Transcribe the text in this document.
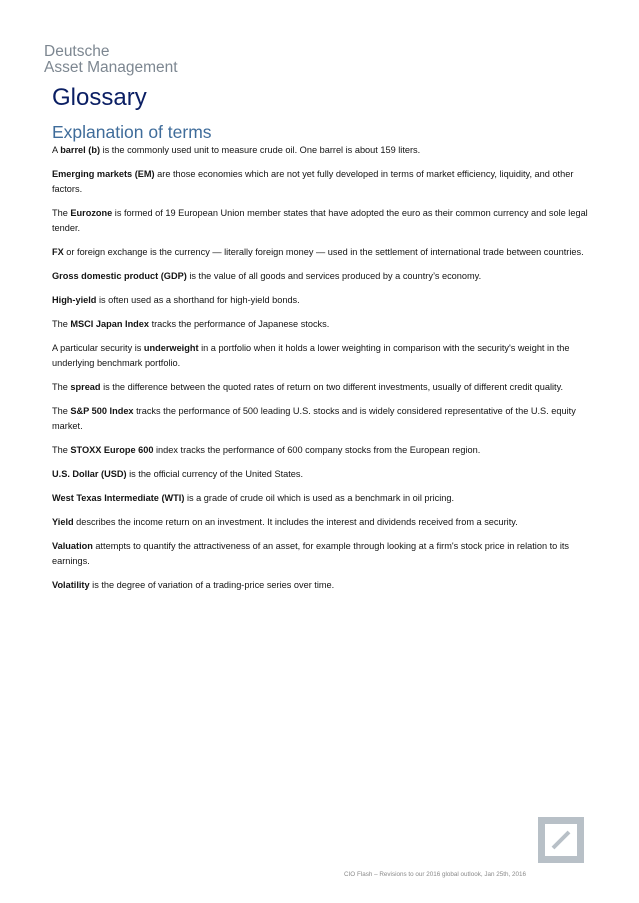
Deutsche
Asset Management
Glossary
Explanation of terms

A barrel (b) is the commonly used unit to measure crude oil. One barrel is about 159 liters.

Emerging markets (EM) are those economies which are not yet fully developed in terms of market efficiency, liquidity, and other factors.

The Eurozone is formed of 19 European Union member states that have adopted the euro as their common currency and sole legal tender.

FX or foreign exchange is the currency — literally foreign money — used in the settlement of international trade between countries.

Gross domestic product (GDP) is the value of all goods and services produced by a country’s economy.

High-yield is often used as a shorthand for high-yield bonds.

The MSCI Japan Index tracks the performance of Japanese stocks.

A particular security is underweight in a portfolio when it holds a lower weighting in comparison with the security's weight in the underlying benchmark portfolio.

The spread is the difference between the quoted rates of return on two different investments, usually of different credit quality.

The S&P 500 Index tracks the performance of 500 leading U.S. stocks and is widely considered representative of the U.S. equity market.

The STOXX Europe 600 index tracks the performance of 600 company stocks from the European region.

U.S. Dollar (USD) is the official currency of the United States.

West Texas Intermediate (WTI) is a grade of crude oil which is used as a benchmark in oil pricing.

Yield describes the income return on an investment. It includes the interest and dividends received from a security.

Valuation attempts to quantify the attractiveness of an asset, for example through looking at a firm's stock price in relation to its earnings.

Volatility is the degree of variation of a trading-price series over time.

CIO Flash – Revisions to our 2016 global outlook, Jan 25th, 2016
